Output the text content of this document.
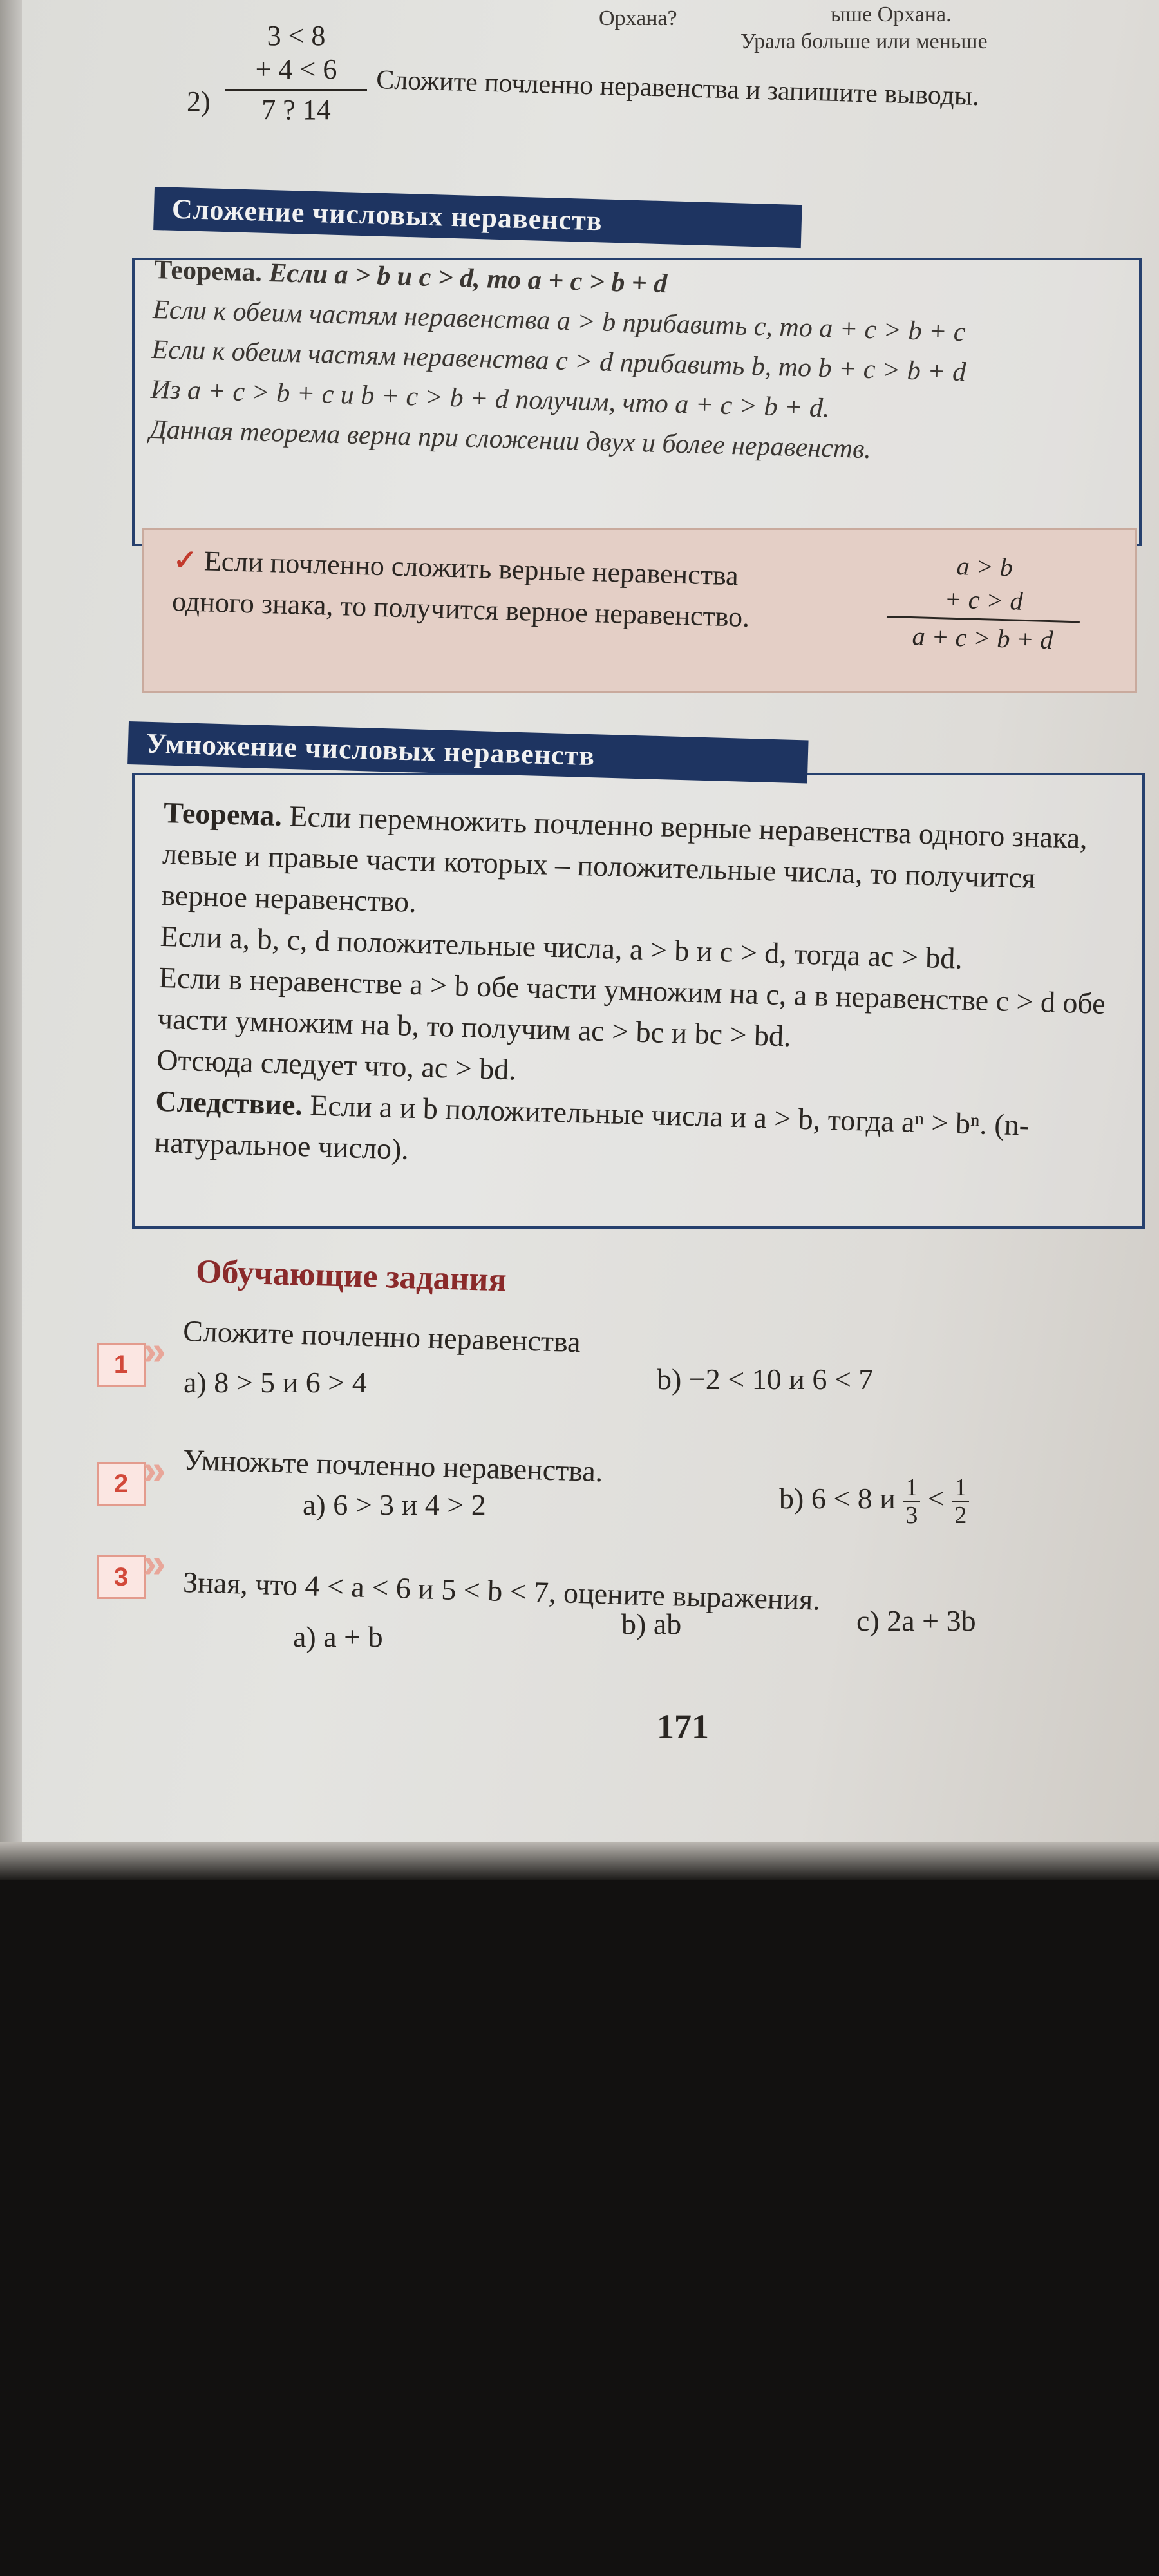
3 < 8
+ 4 < 6
7 ? 14
2)	Сложите почленно неравенства и запишите выводы.
ыше Орхана.
Урала больше или меньше
Орхана?
Сложение числовых неравенств
Теорема. Если a > b и c > d, то a + c > b + d
Если к обеим частям неравенства a > b прибавить c, то a + c > b + c
Если к обеим частям неравенства c > d прибавить b, то b + c > b + d
Из a + c > b + c и b + c > b + d получим, что a + c > b + d.
Данная теорема верна при сложении двух и более неравенств.
✓ Если почленно сложить верные неравенства
одного знака, то получится верное неравенство.
a > b
+ c > d
a + c > b + d
Умножение числовых неравенств
Теорема. Если перемножить почленно верные неравенства одного знака, левые и правые части которых – положительные числа, то получится верное неравенство.
Если a, b, c, d положительные числа, a > b и c > d, тогда ac > bd.
Если в неравенстве a > b обе части умножим на c, а в неравенстве c > d обе части умножим на b, то получим ac > bc и bc > bd.
Отсюда следует что, ac > bd.
Следствие. Если a и b положительные числа и a > b, тогда aⁿ > bⁿ. (n-натуральное число).
Обучающие задания
1 » Сложите почленно неравенства
a) 8 > 5 и 6 > 4	b) −2 < 10 и 6 < 7
2 » Умножьте почленно неравенства.
a) 6 > 3 и 4 > 2	b) 6 < 8 и $\frac{1}{3} < \frac{1}{2}$
3 »
Зная, что 4 < a < 6 и 5 < b < 7, оцените выражения.
a) a + b	b) ab	c) 2a + 3b
171
